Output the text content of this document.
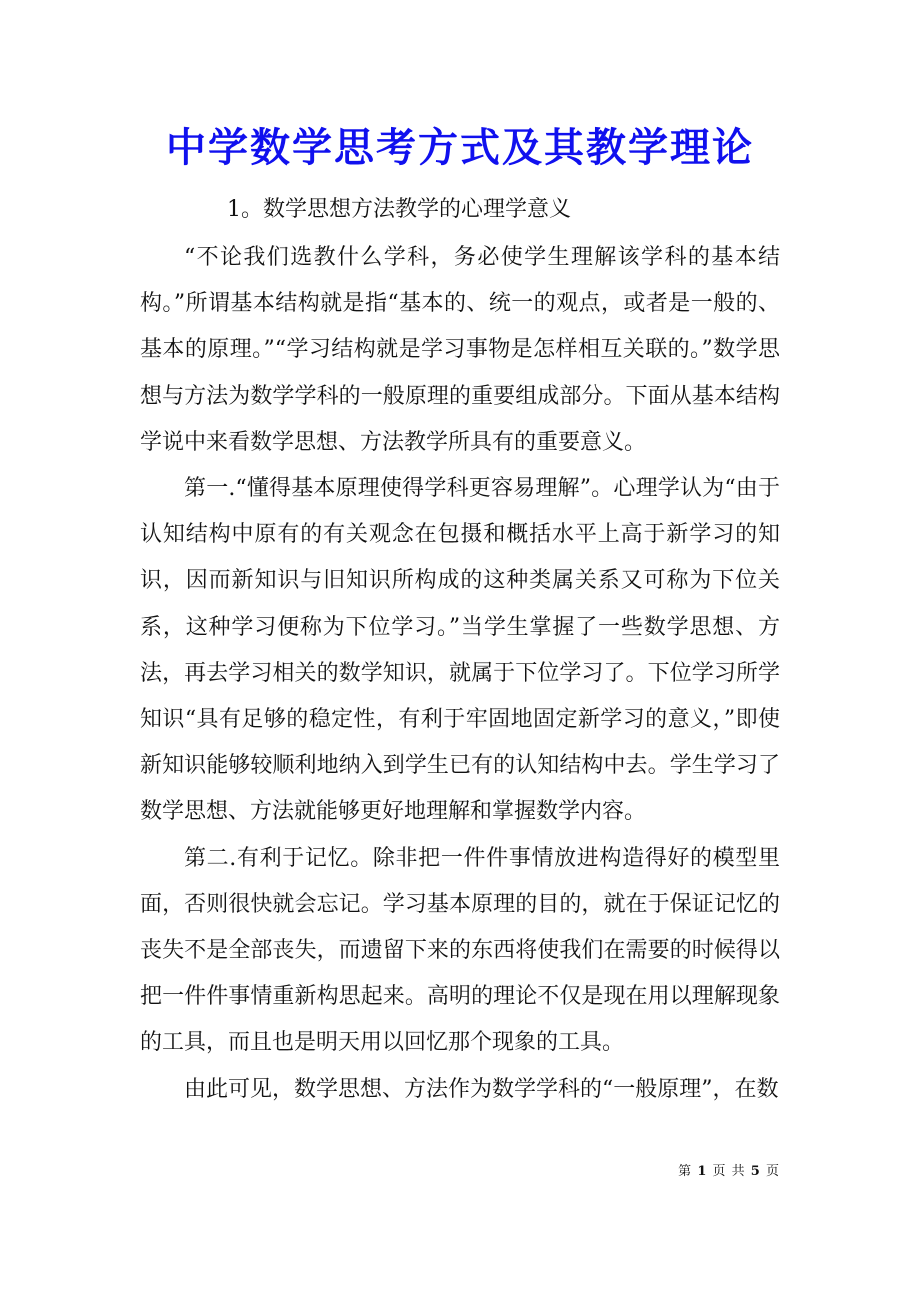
中学数学思考方式及其教学理论
1。数学思想方法教学的心理学意义

“不论我们选教什么学科，务必使学生理解该学科的基本结构。”所谓基本结构就是指“基本的、统一的观点，或者是一般的、基本的原理。”“学习结构就是学习事物是怎样相互关联的。”数学思想与方法为数学学科的一般原理的重要组成部分。下面从基本结构学说中来看数学思想、方法教学所具有的重要意义。

第一.“懂得基本原理使得学科更容易理解”。心理学认为“由于认知结构中原有的有关观念在包摄和概括水平上高于新学习的知识，因而新知识与旧知识所构成的这种类属关系又可称为下位关系，这种学习便称为下位学习。”当学生掌握了一些数学思想、方法，再去学习相关的数学知识，就属于下位学习了。下位学习所学知识“具有足够的稳定性，有利于牢固地固定新学习的意义，”即使新知识能够较顺利地纳入到学生已有的认知结构中去。学生学习了数学思想、方法就能够更好地理解和掌握数学内容。

第二.有利于记忆。除非把一件件事情放进构造得好的模型里面，否则很快就会忘记。学习基本原理的目的，就在于保证记忆的丧失不是全部丧失，而遗留下来的东西将使我们在需要的时候得以把一件件事情重新构思起来。高明的理论不仅是现在用以理解现象的工具，而且也是明天用以回忆那个现象的工具。

由此可见，数学思想、方法作为数学学科的“一般原理”，在数

第 1 页 共 5 页
